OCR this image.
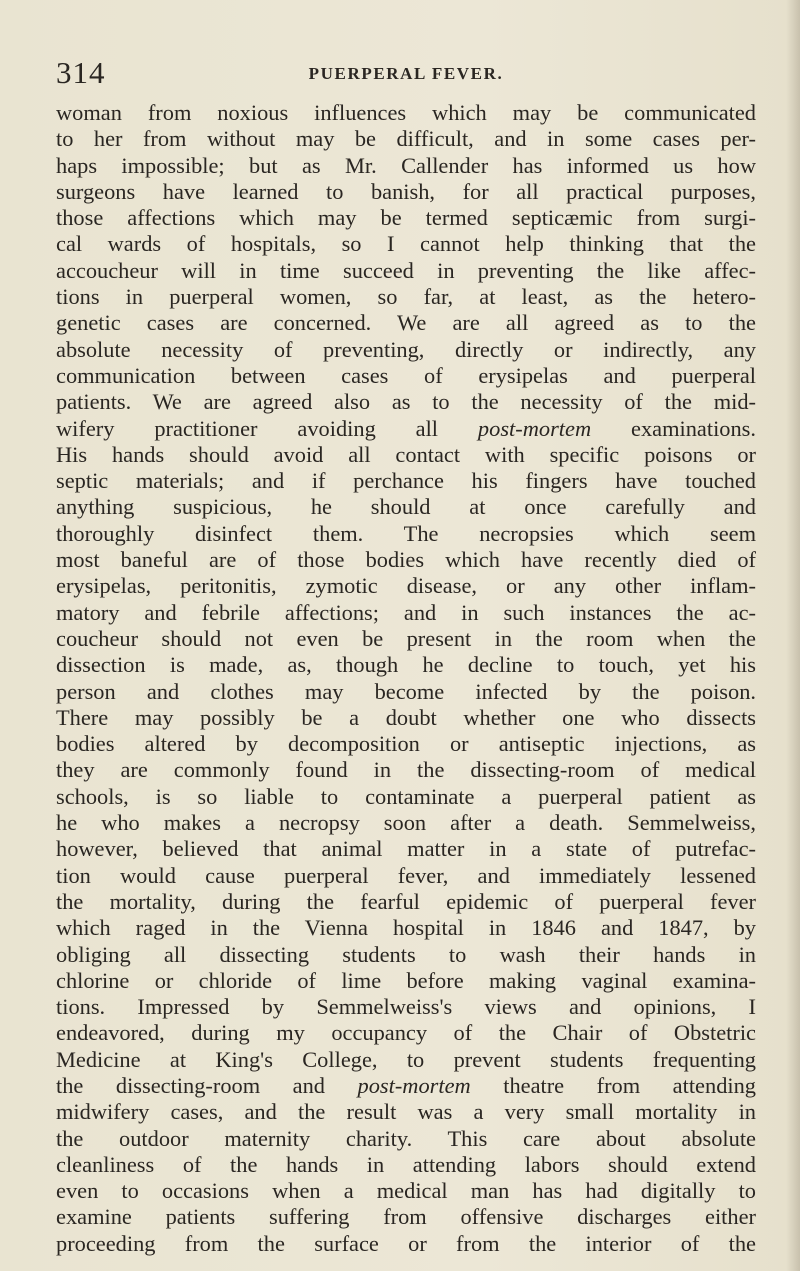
314	PUERPERAL FEVER.
woman from noxious influences which may be communicated
to her from without may be difficult, and in some cases per-
haps impossible; but as Mr. Callender has informed us how
surgeons have learned to banish, for all practical purposes,
those affections which may be termed septicæmic from surgi-
cal wards of hospitals, so I cannot help thinking that the
accoucheur will in time succeed in preventing the like affec-
tions in puerperal women, so far, at least, as the hetero-
genetic cases are concerned. We are all agreed as to the
absolute necessity of preventing, directly or indirectly, any
communication between cases of erysipelas and puerperal
patients. We are agreed also as to the necessity of the mid-
wifery practitioner avoiding all post-mortem examinations.
His hands should avoid all contact with specific poisons or
septic materials; and if perchance his fingers have touched
anything suspicious, he should at once carefully and
thoroughly disinfect them. The necropsies which seem
most baneful are of those bodies which have recently died of
erysipelas, peritonitis, zymotic disease, or any other inflam-
matory and febrile affections; and in such instances the ac-
coucheur should not even be present in the room when the
dissection is made, as, though he decline to touch, yet his
person and clothes may become infected by the poison.
There may possibly be a doubt whether one who dissects
bodies altered by decomposition or antiseptic injections, as
they are commonly found in the dissecting-room of medical
schools, is so liable to contaminate a puerperal patient as
he who makes a necropsy soon after a death. Semmelweiss,
however, believed that animal matter in a state of putrefac-
tion would cause puerperal fever, and immediately lessened
the mortality, during the fearful epidemic of puerperal fever
which raged in the Vienna hospital in 1846 and 1847, by
obliging all dissecting students to wash their hands in
chlorine or chloride of lime before making vaginal examina-
tions. Impressed by Semmelweiss's views and opinions, I
endeavored, during my occupancy of the Chair of Obstetric
Medicine at King's College, to prevent students frequenting
the dissecting-room and post-mortem theatre from attending
midwifery cases, and the result was a very small mortality in
the outdoor maternity charity. This care about absolute
cleanliness of the hands in attending labors should extend
even to occasions when a medical man has had digitally to
examine patients suffering from offensive discharges either
proceeding from the surface or from the interior of the
